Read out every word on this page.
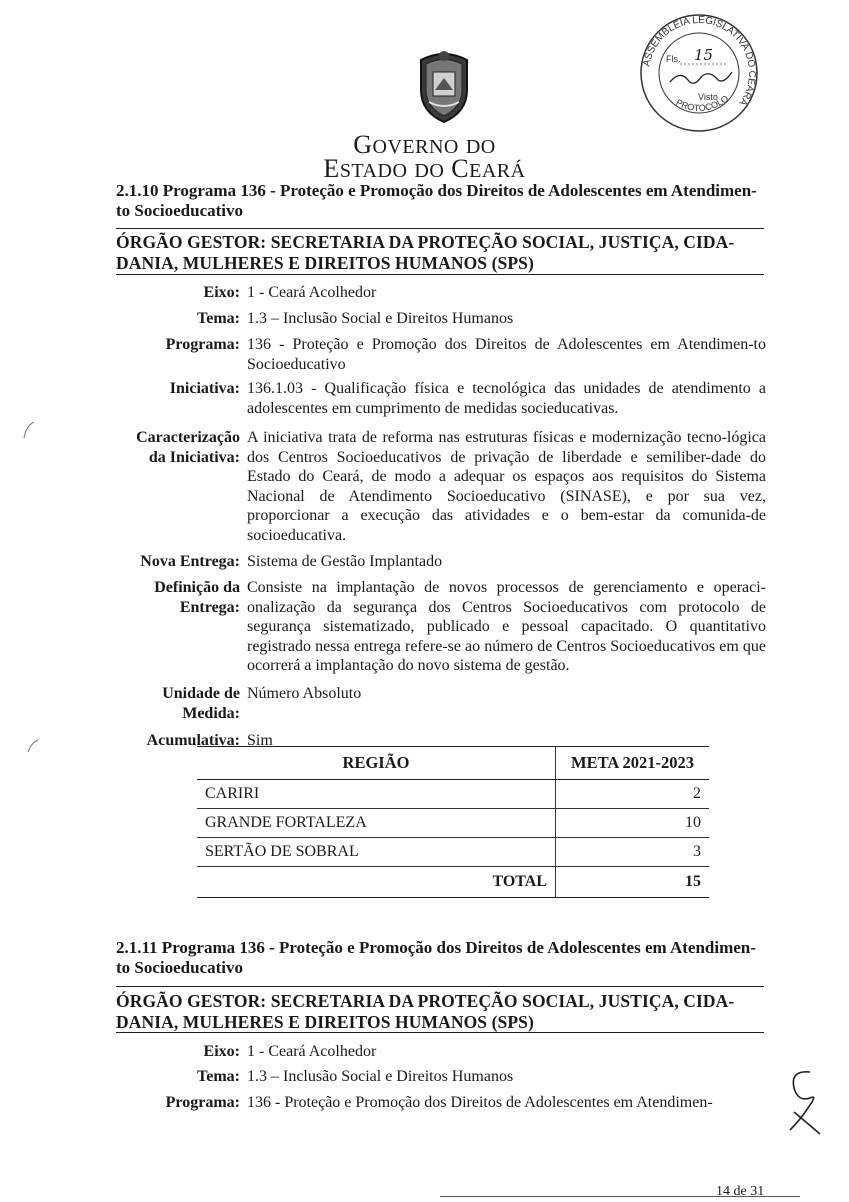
GOVERNO DO
ESTADO DO CEARÁ
ASSEMBLEIA LEGISLATIVA DO CEARÁ
PROTOCOLO
Fls. 15
Visto
2.1.10 Programa 136 - Proteção e Promoção dos Direitos de Adolescentes em Atendimen-
to Socioeducativo
ÓRGÃO GESTOR: SECRETARIA DA PROTEÇÃO SOCIAL, JUSTIÇA, CIDA-
DANIA, MULHERES E DIREITOS HUMANOS (SPS)
Eixo: 1 - Ceará Acolhedor
Tema: 1.3 – Inclusão Social e Direitos Humanos
Programa: 136 - Proteção e Promoção dos Direitos de Adolescentes em Atendimen-to Socioeducativo
Iniciativa: 136.1.03 - Qualificação física e tecnológica das unidades de atendimento a adolescentes em cumprimento de medidas socieducativas.
Caracterização
da Iniciativa:
A iniciativa trata de reforma nas estruturas físicas e modernização tecno-lógica dos Centros Socioeducativos de privação de liberdade e semiliber-dade do Estado do Ceará, de modo a adequar os espaços aos requisitos do Sistema Nacional de Atendimento Socioeducativo (SINASE), e por sua vez, proporcionar a execução das atividades e o bem-estar da comunida-de socioeducativa.
Nova Entrega: Sistema de Gestão Implantado
Definição da
Entrega:
Consiste na implantação de novos processos de gerenciamento e operaci-onalização da segurança dos Centros Socioeducativos com protocolo de segurança sistematizado, publicado e pessoal capacitado. O quantitativo registrado nessa entrega refere-se ao número de Centros Socioeducativos em que ocorrerá a implantação do novo sistema de gestão.
Unidade de
Medida:
Número Absoluto
Acumulativa: Sim
REGIÃO	META 2021-2023
CARIRI	2
GRANDE FORTALEZA	10
SERTÃO DE SOBRAL	3
TOTAL	15
2.1.11 Programa 136 - Proteção e Promoção dos Direitos de Adolescentes em Atendimen-
to Socioeducativo
ÓRGÃO GESTOR: SECRETARIA DA PROTEÇÃO SOCIAL, JUSTIÇA, CIDA-
DANIA, MULHERES E DIREITOS HUMANOS (SPS)
Eixo: 1 - Ceará Acolhedor
Tema: 1.3 – Inclusão Social e Direitos Humanos
Programa: 136 - Proteção e Promoção dos Direitos de Adolescentes em Atendimen-
14 de 31
